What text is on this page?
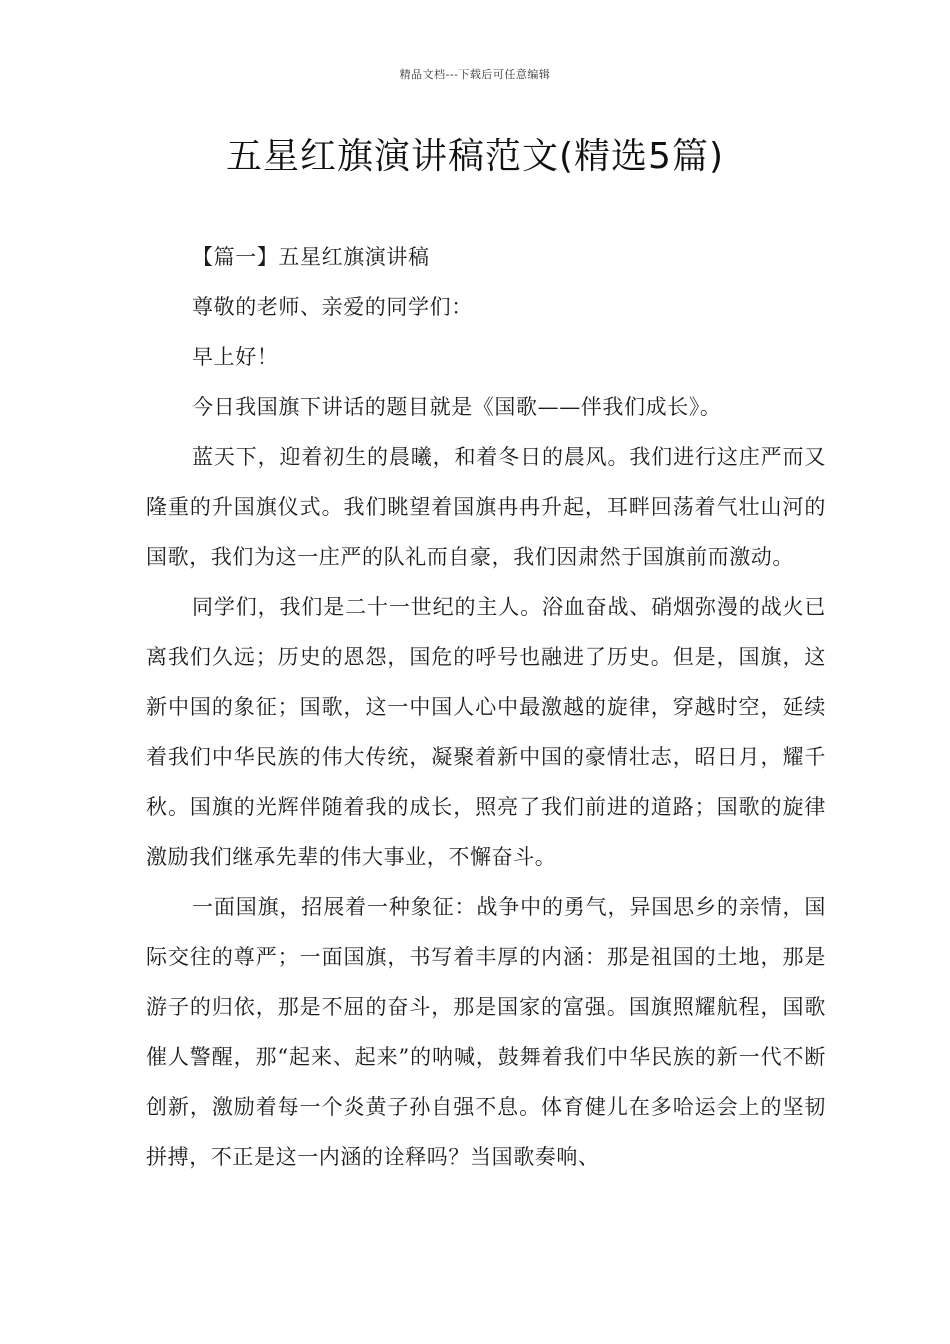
精品文档---下载后可任意编辑
五星红旗演讲稿范文(精选5篇)

【篇一】五星红旗演讲稿

尊敬的老师、亲爱的同学们：

早上好！

今日我国旗下讲话的题目就是《国歌——伴我们成长》。

蓝天下，迎着初生的晨曦，和着冬日的晨风。我们进行这庄严而又隆重的升国旗仪式。我们眺望着国旗冉冉升起，耳畔回荡着气壮山河的国歌，我们为这一庄严的队礼而自豪，我们因肃然于国旗前而激动。

同学们，我们是二十一世纪的主人。浴血奋战、硝烟弥漫的战火已离我们久远；历史的恩怨，国危的呼号也融进了历史。但是，国旗，这新中国的象征；国歌，这一中国人心中最激越的旋律，穿越时空，延续着我们中华民族的伟大传统，凝聚着新中国的豪情壮志，昭日月，耀千秋。国旗的光辉伴随着我的成长，照亮了我们前进的道路；国歌的旋律激励我们继承先辈的伟大事业，不懈奋斗。

一面国旗，招展着一种象征：战争中的勇气，异国思乡的亲情，国际交往的尊严；一面国旗，书写着丰厚的内涵：那是祖国的土地，那是游子的归依，那是不屈的奋斗，那是国家的富强。国旗照耀航程，国歌催人警醒，那“起来、起来”的呐喊，鼓舞着我们中华民族的新一代不断创新，激励着每一个炎黄子孙自强不息。体育健儿在多哈运会上的坚韧拼搏，不正是这一内涵的诠释吗？当国歌奏响、
